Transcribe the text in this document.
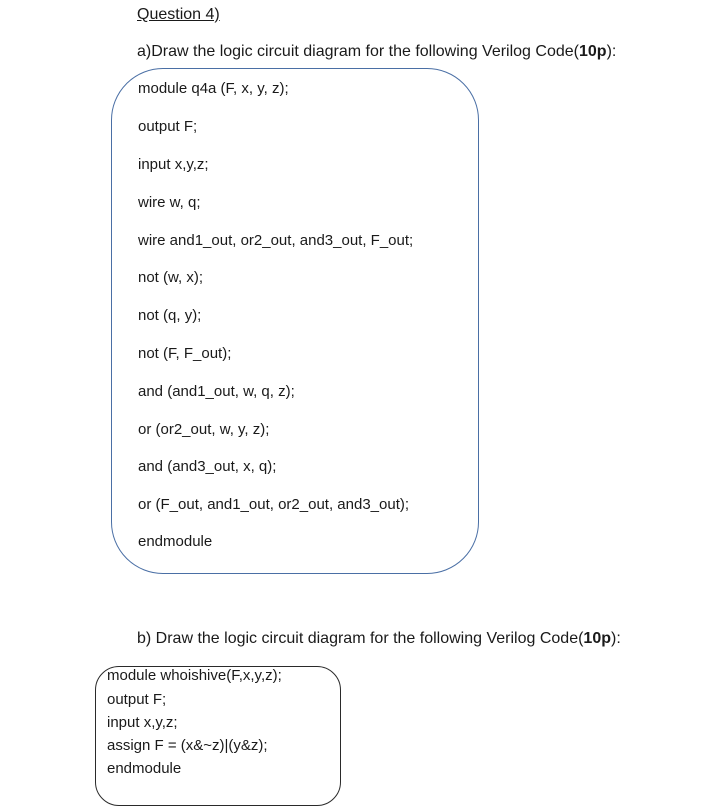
Question 4)
a)Draw the logic circuit diagram for the following Verilog Code(10p):
module q4a (F, x, y, z);
output F;
input x,y,z;
wire w, q;
wire and1_out, or2_out, and3_out, F_out;
not (w, x);
not (q, y);
not (F, F_out);
and (and1_out, w, q, z);
or (or2_out, w, y, z);
and (and3_out, x, q);
or (F_out, and1_out, or2_out, and3_out);
endmodule
b) Draw the logic circuit diagram for the following Verilog Code(10p):
module whoishive(F,x,y,z);
output F;
input x,y,z;
assign F = (x&~z)|(y&z);
endmodule
